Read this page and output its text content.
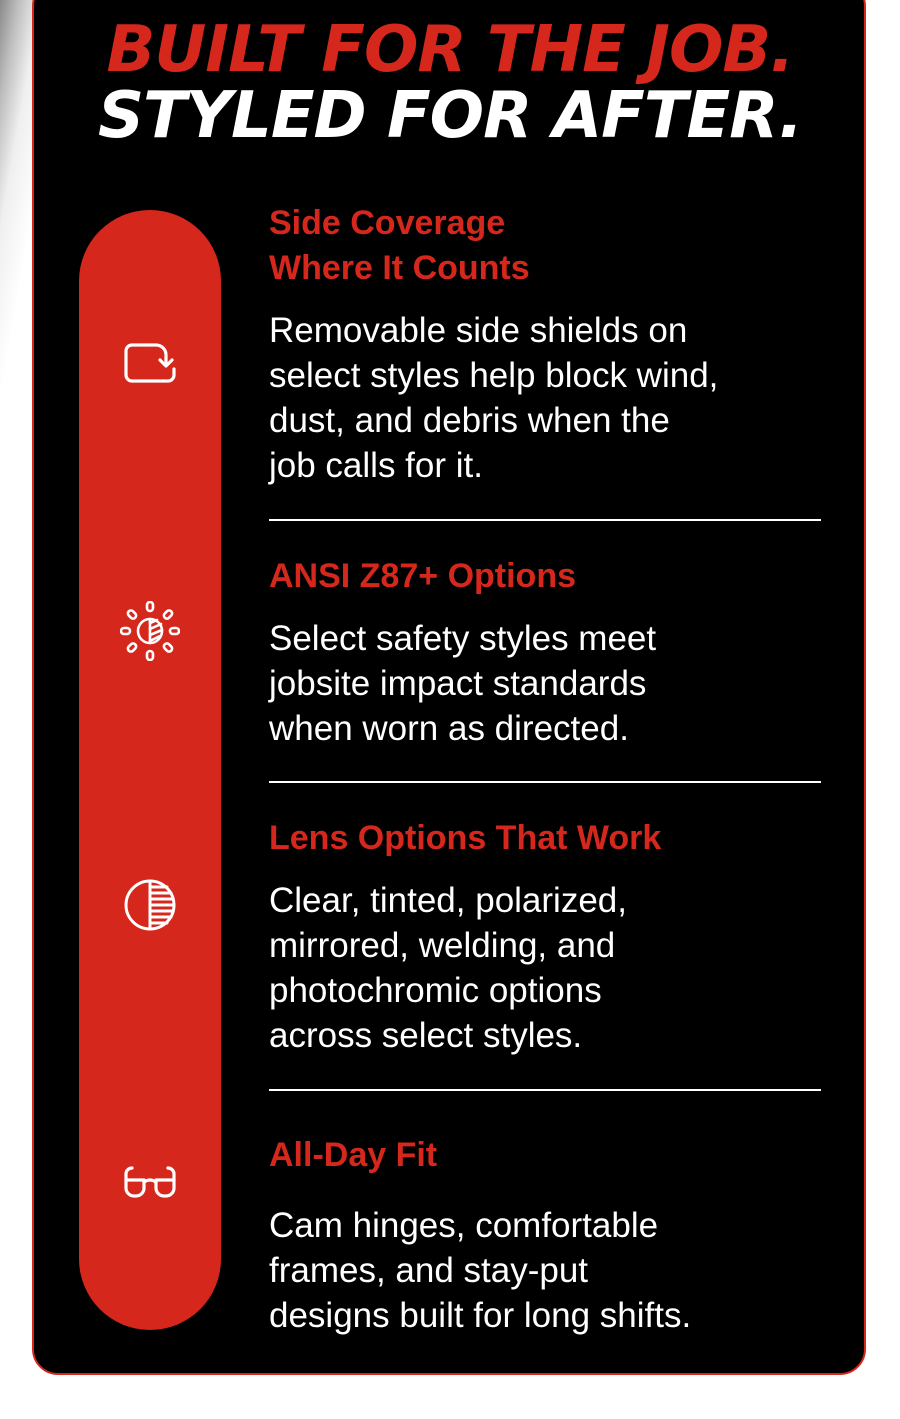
BUILT FOR THE JOB.
STYLED FOR AFTER.

Side Coverage
Where It Counts

Removable side shields on
select styles help block wind,
dust, and debris when the
job calls for it.

ANSI Z87+ Options

Select safety styles meet
jobsite impact standards
when worn as directed.

Lens Options That Work

Clear, tinted, polarized,
mirrored, welding, and
photochromic options
across select styles.

All-Day Fit

Cam hinges, comfortable
frames, and stay-put
designs built for long shifts.
